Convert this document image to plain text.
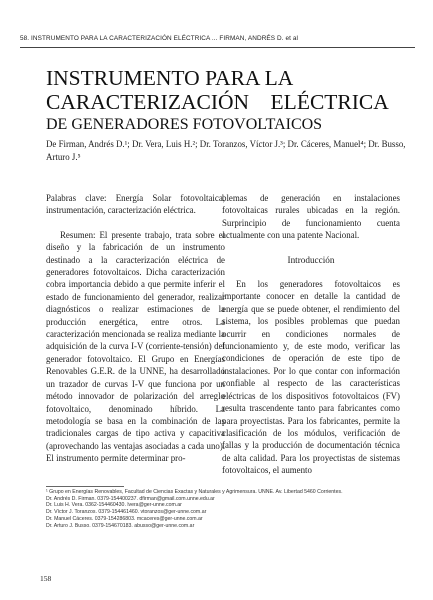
58. INSTRUMENTO PARA LA CARACTERIZACIÓN ELÉCTRICA ... FIRMAN, ANDRÉS D. et al
INSTRUMENTO PARA LA
CARACTERIZACIÓN    ELÉCTRICA
DE GENERADORES FOTOVOLTAICOS
De Firman, Andrés D.¹; Dr. Vera, Luis H.²; Dr. Toranzos, Víctor J.³; Dr. Cáceres, Manuel⁴; Dr. Busso, Arturo J.⁵

Palabras clave: Energía Solar fotovoltaica, instrumentación, caracterización eléctrica.

Resumen: El presente trabajo, trata sobre el diseño y la fabricación de un instrumento destinado a la caracterización eléctrica de generadores fotovoltaicos. Dicha caracterización cobra importancia debido a que permite inferir el estado de funcionamiento del generador, realizar diagnósticos o realizar estimaciones de la producción energética, entre otros. La caracterización mencionada se realiza mediante la adquisición de la curva I-V (corriente-tensión) del generador fotovoltaico. El Grupo en Energías Renovables G.E.R. de la UNNE, ha desarrollado un trazador de curvas I-V que funciona por un método innovador de polarización del arreglo fotovoltaico, denominado híbrido. La metodología se basa en la combinación de las tradicionales cargas de tipo activa y capacitiva (aprovechando las ventajas asociadas a cada uno). El instrumento permite determinar pro-

blemas de generación en instalaciones fotovoltaicas rurales ubicadas en la región. Surprincipio de funcionamiento cuenta actualmente con una patente Nacional.

Introducción

En los generadores fotovoltaicos es importante conocer en detalle la cantidad de energía que se puede obtener, el rendimiento del sistema, los posibles problemas que puedan ocurrir en condiciones normales de funcionamiento y, de este modo, verificar las condiciones de operación de este tipo de instalaciones. Por lo que contar con información confiable al respecto de las características eléctricas de los dispositivos fotovoltaicos (FV) resulta trascendente tanto para fabricantes como para proyectistas. Para los fabricantes, permite la clasificación de los módulos, verificación de fallas y la producción de documentación técnica de alta calidad. Para los proyectistas de sistemas fotovoltaicos, el aumento

¹ Grupo en Energías Renovables, Facultad de Ciencias Exactas y Naturales y Agrimensura. UNNE. Av. Libertad 5460 Corrientes.
Dr. Andrés D. Firman. 0379-154400237. dfirman@gmail.com.unne.edu.ar
Dr. Luis H. Vera. 0362-154460430. lvera@ger-unne.com.ar
Dr. Víctor J. Toranzos. 0379-154461460. vtoranzos@ger-unne.com.ar
Dr. Manuel Cáceres. 0379-154286803. mcaceres@ger-unne.com.ar
Dr. Arturo J. Busso. 0379-154670183. abusso@ger-unne.com.ar
158
